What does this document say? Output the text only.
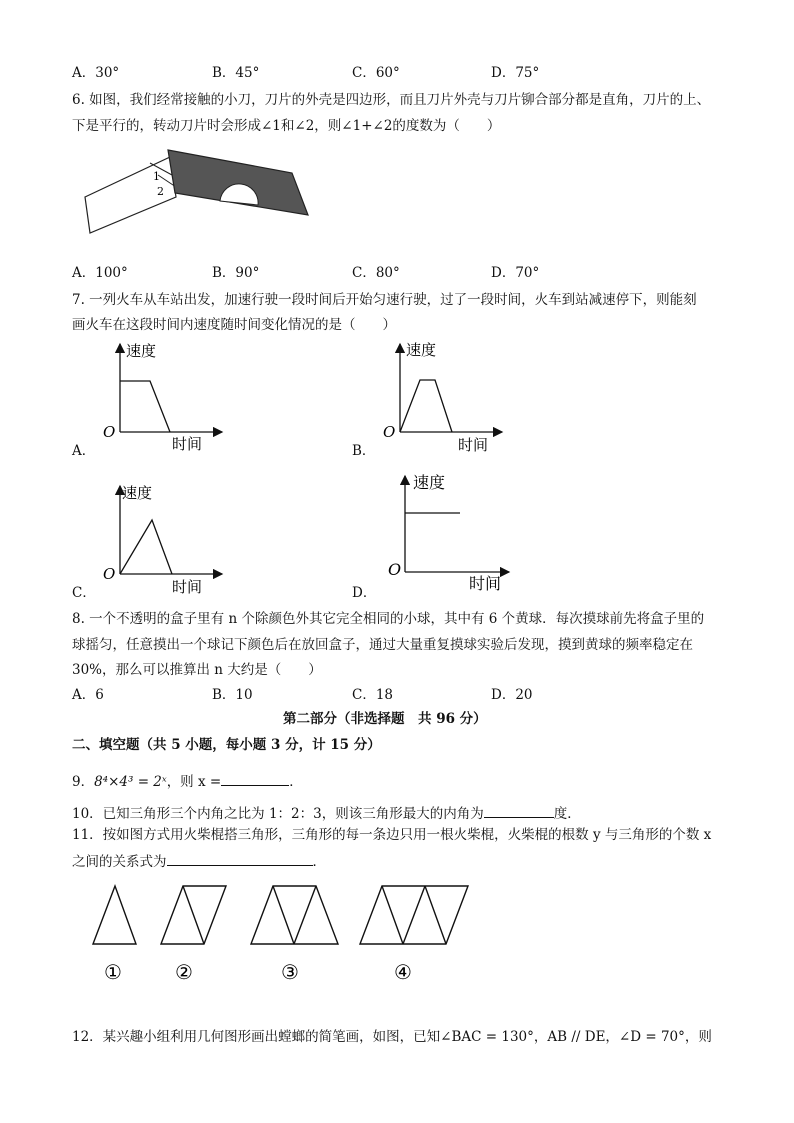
A．30°	B．45°	C．60°	D．75°
6. 如图，我们经常接触的小刀，刀片的外壳是四边形，而且刀片外壳与刀片铆合部分都是直角，刀片的上、
下是平行的，转动刀片时会形成∠1和∠2，则∠1+∠2的度数为（　　）
1
2
A．100°	B．90°	C．80°	D．70°
7. 一列火车从车站出发，加速行驶一段时间后开始匀速行驶，过了一段时间，火车到站减速停下，则能刻
画火车在这段时间内速度随时间变化情况的是（　　）
速度
时间
O
A．
速度
时间
O
B．
速度
时间
O
C．
速度
时间
O
D．
8. 一个不透明的盒子里有 n 个除颜色外其它完全相同的小球，其中有 6 个黄球．每次摸球前先将盒子里的
球摇匀，任意摸出一个球记下颜色后在放回盒子，通过大量重复摸球实验后发现，摸到黄球的频率稳定在
30%，那么可以推算出 n 大约是（　　）
A．6	B．10	C．18	D．20
第二部分（非选择题　共 96 分）
二、填空题（共 5 小题，每小题 3 分，计 15 分）
9．8⁴×4³ = 2ˣ，则 x =	．
10．已知三角形三个内角之比为 1：2：3，则该三角形最大的内角为	度．
11．按如图方式用火柴棍搭三角形，三角形的每一条边只用一根火柴棍，火柴棍的根数 y 与三角形的个数 x
之间的关系式为	．
①	②	③	④
12．某兴趣小组利用几何图形画出螳螂的简笔画，如图，已知∠BAC = 130°，AB // DE，∠D = 70°，则
